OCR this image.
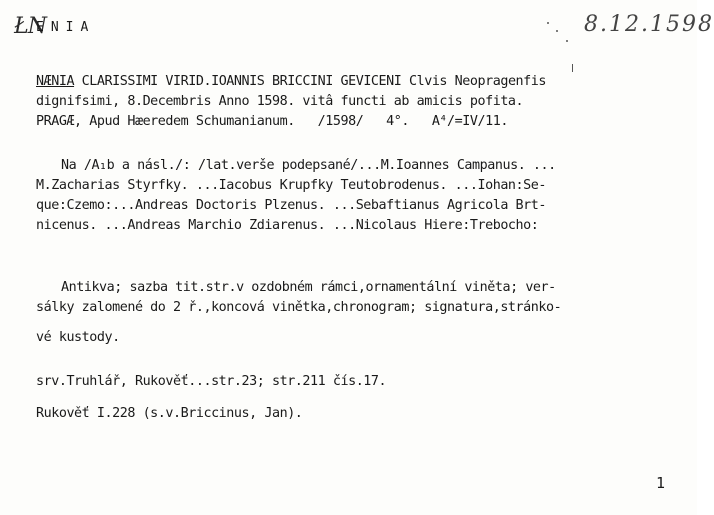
ŁN
ENIA	8.12.1598
NÆNIA CLARISSIMI VIRID.IOANNIS BRICCINI GEVICENI Clvis Neopragenfis
dignifsimi, 8.Decembris Anno 1598. vitâ functi ab amicis pofita.
PRAGÆ, Apud Hæeredem Schumanianum.   /1598/   4°.   A⁴/=IV/11.
Na /A₁b a násl./: /lat.verše podepsané/...M.Ioannes Campanus. ...
M.Zacharias Styrfky. ...Iacobus Krupfky Teutobrodenus. ...Iohan:Se-
que:Czemo:...Andreas Doctoris Plzenus. ...Sebaftianus Agricola Brt-
nicenus. ...Andreas Marchio Zdiarenus. ...Nicolaus Hiere:Trebocho:
Antikva; sazba tit.str.v ozdobném rámci,ornamentální viněta; ver-
sálky zalomené do 2 ř.,koncová vinětka,chronogram; signatura,stránko-
vé kustody.
srv.Truhlář, Rukověť...str.23; str.211 čís.17.
Rukověť I.228 (s.v.Briccinus, Jan).
1
